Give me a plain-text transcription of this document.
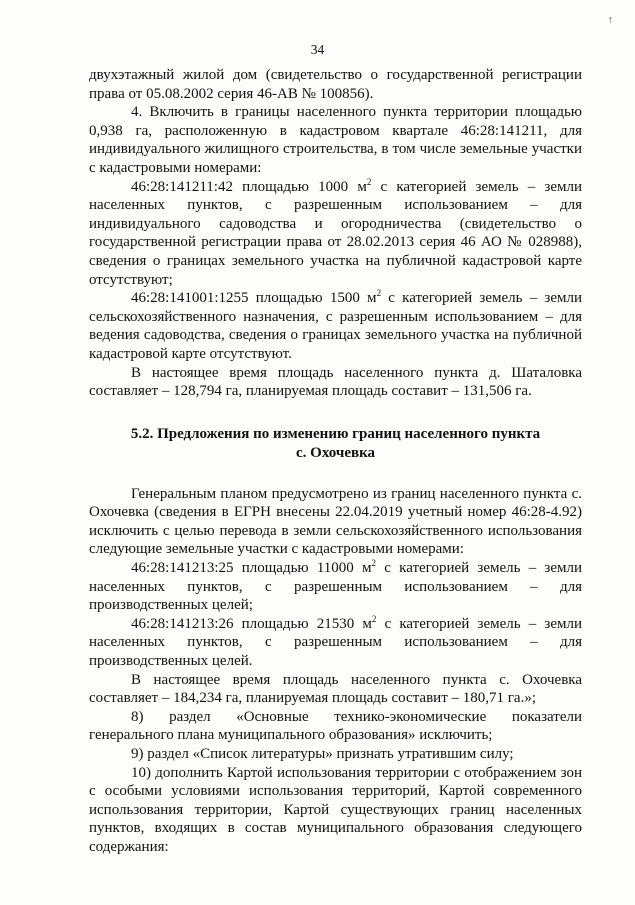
↑
34

двухэтажный жилой дом (свидетельство о государственной регистрации права от 05.08.2002 серия 46-АВ № 100856).

4. Включить в границы населенного пункта территории площадью 0,938 га, расположенную в кадастровом квартале 46:28:141211, для индивидуального жилищного строительства, в том числе земельные участки с кадастровыми номерами:

46:28:141211:42 площадью 1000 $м^2$ с категорией земель – земли населенных пунктов, с разрешенным использованием – для индивидуального садоводства и огородничества (свидетельство о государственной регистрации права от 28.02.2013 серия 46 АО № 028988), сведения о границах земельного участка на публичной кадастровой карте отсутствуют;

46:28:141001:1255 площадью 1500 $м^2$ с категорией земель – земли сельскохозяйственного назначения, с разрешенным использованием – для ведения садоводства, сведения о границах земельного участка на публичной кадастровой карте отсутствуют.

В настоящее время площадь населенного пункта д. Шаталовка составляет – 128,794 га, планируемая площадь составит – 131,506 га.

5.2. Предложения по изменению границ населенного пункта
с. Охочевка

Генеральным планом предусмотрено из границ населенного пункта с. Охочевка (сведения в ЕГРН внесены 22.04.2019 учетный номер 46:28-4.92) исключить с целью перевода в земли сельскохозяйственного использования следующие земельные участки с кадастровыми номерами:

46:28:141213:25 площадью 11000 $м^2$ с категорией земель – земли населенных пунктов, с разрешенным использованием – для производственных целей;

46:28:141213:26 площадью 21530 $м^2$ с категорией земель – земли населенных пунктов, с разрешенным использованием – для производственных целей.

В настоящее время площадь населенного пункта с. Охочевка составляет – 184,234 га, планируемая площадь составит – 180,71 га.»;

8) раздел «Основные технико-экономические показатели генерального плана муниципального образования» исключить;

9) раздел «Список литературы» признать утратившим силу;

10) дополнить Картой использования территории с отображением зон с особыми условиями использования территорий, Картой современного использования территории, Картой существующих границ населенных пунктов, входящих в состав муниципального образования следующего содержания:
